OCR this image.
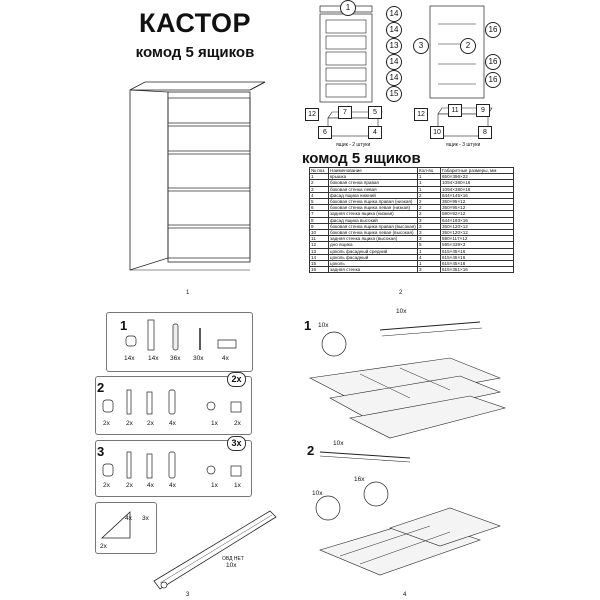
КАСТОР
комод 5 ящиков
1
1
14
14
13
14
14
15
3
16
2
16
16
12	7	5
6	4
ящик - 2 штуки
12
11	9
10	8
ящик - 3 штуки
комод 5 ящиков
№ поз.	Наименование	Кол-во	Габаритные размеры, мм
1	крышка	1	650×396×22
2	боковая стенка правая	1	1094×380×16
3	боковая стенка левая	1	1094×380×16
4	фасад ящика нижний	2	644×145×16
5	боковая стенка ящика правая (низкая)	2	350×95×12
6	боковая стенка ящика левая (низкая)	2	350×95×12
7	задняя стенка ящика (низкая)	2	590×92×12
8	фасад ящика высокий	3	644×193×16
9	боковая стенка ящика правая (высокая)	3	350×120×12
10	боковая стенка ящика левая (высокая)	3	350×120×12
11	задняя стенка ящика (высокая)	3	590×117×12
12	дно ящика	5	595×339×3
13	цоколь фасадный средний	1	615×45×16
14	цоколь фасадный	4	615×45×16
15	цоколь	1	615×45×16
16	задняя стенка	3	615×351×16
2
1
14x 14x 36x 30x	4x
2
2x
2x 2x 2x 4x	1x 2x
3
3x
2x 2x 4x 4x	1x 1x
4x
2x
3x
ОВД НЕТ
10x
3
1 10x
10x
2	10x
10x
16x
4
